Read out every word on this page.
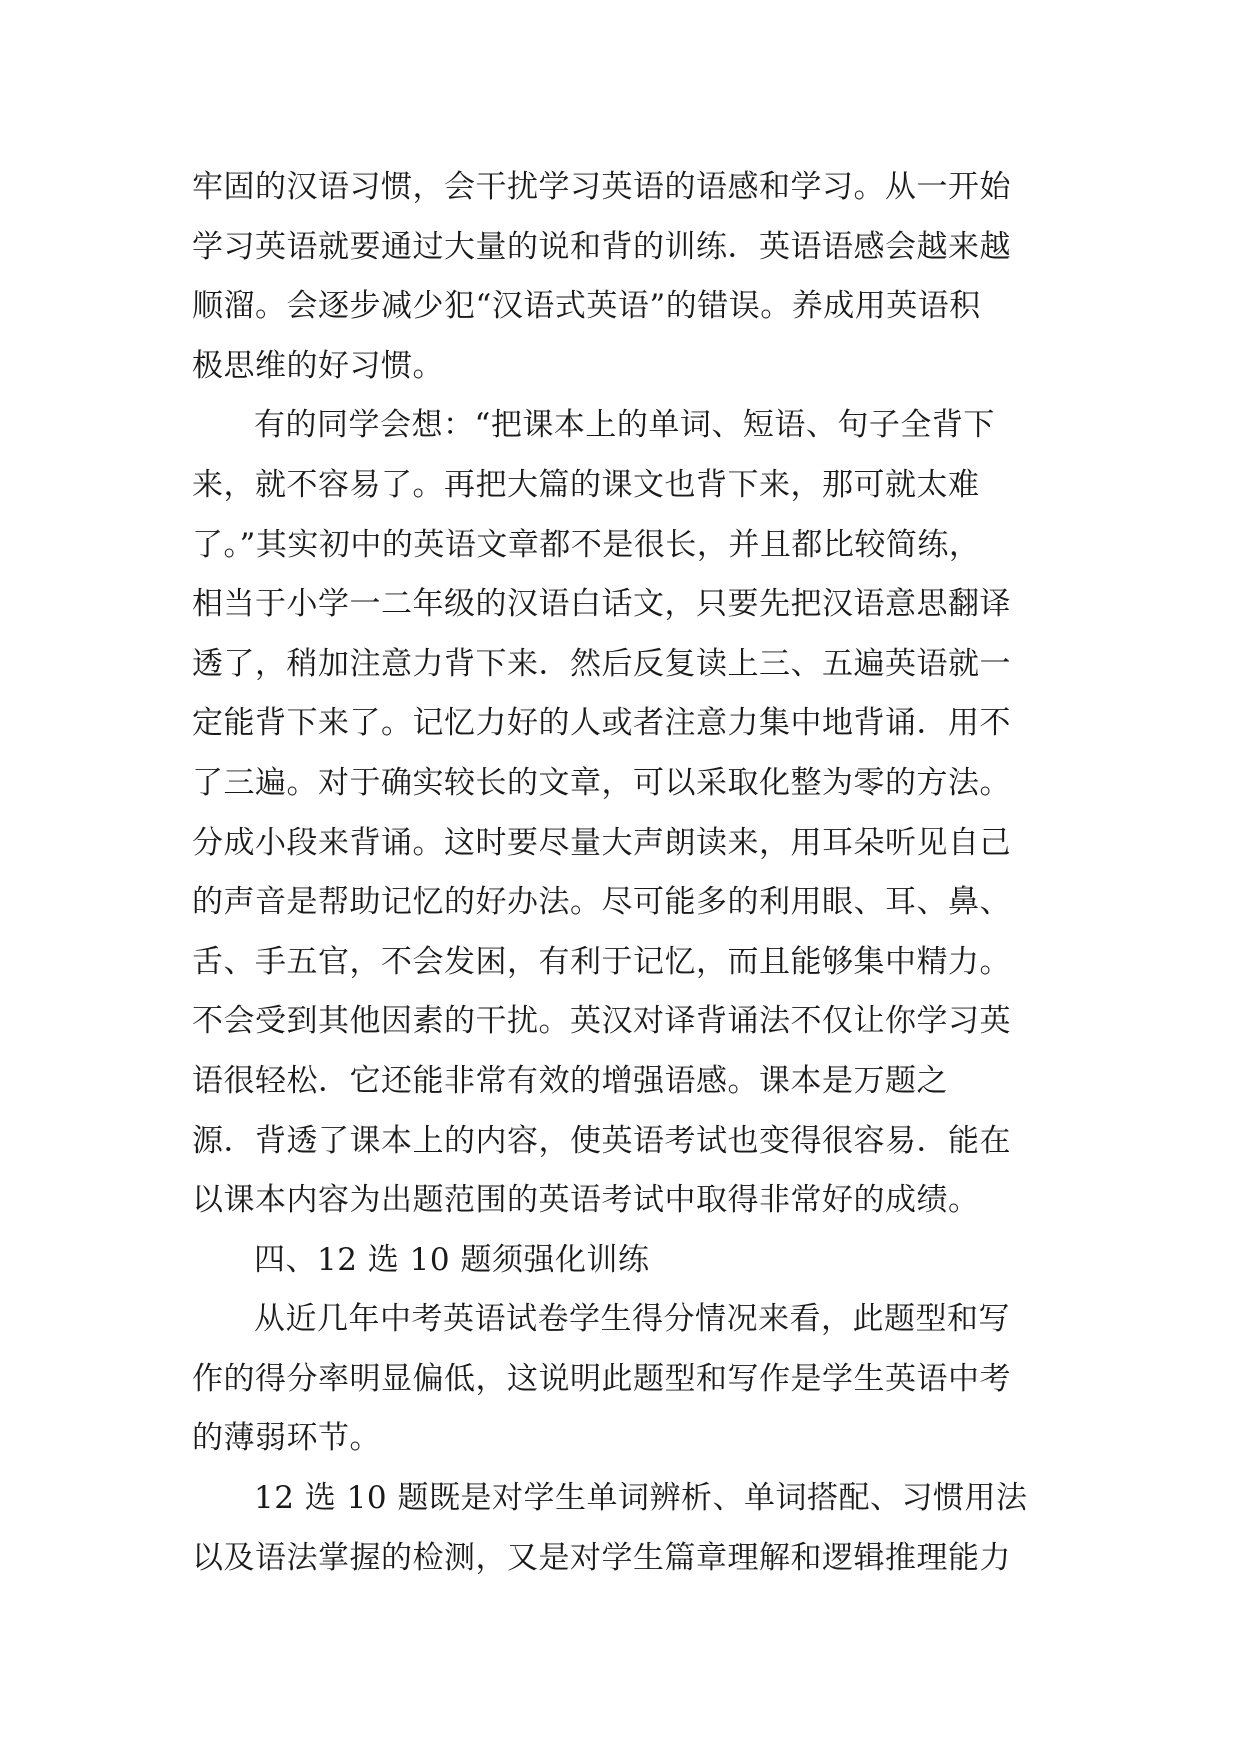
牢固的汉语习惯，会干扰学习英语的语感和学习。从一开始
学习英语就要通过大量的说和背的训练．英语语感会越来越
顺溜。会逐步减少犯“汉语式英语”的错误。养成用英语积
极思维的好习惯。
有的同学会想：“把课本上的单词、短语、句子全背下
来，就不容易了。再把大篇的课文也背下来，那可就太难
了。”其实初中的英语文章都不是很长，并且都比较简练，
相当于小学一二年级的汉语白话文，只要先把汉语意思翻译
透了，稍加注意力背下来．然后反复读上三、五遍英语就一
定能背下来了。记忆力好的人或者注意力集中地背诵．用不
了三遍。对于确实较长的文章，可以采取化整为零的方法。
分成小段来背诵。这时要尽量大声朗读来，用耳朵听见自己
的声音是帮助记忆的好办法。尽可能多的利用眼、耳、鼻、
舌、手五官，不会发困，有利于记忆，而且能够集中精力。
不会受到其他因素的干扰。英汉对译背诵法不仅让你学习英
语很轻松．它还能非常有效的增强语感。课本是万题之
源．背透了课本上的内容，使英语考试也变得很容易．能在
以课本内容为出题范围的英语考试中取得非常好的成绩。
四、12 选 10 题须强化训练
从近几年中考英语试卷学生得分情况来看，此题型和写
作的得分率明显偏低，这说明此题型和写作是学生英语中考
的薄弱环节。
12 选 10 题既是对学生单词辨析、单词搭配、习惯用法
以及语法掌握的检测，又是对学生篇章理解和逻辑推理能力
